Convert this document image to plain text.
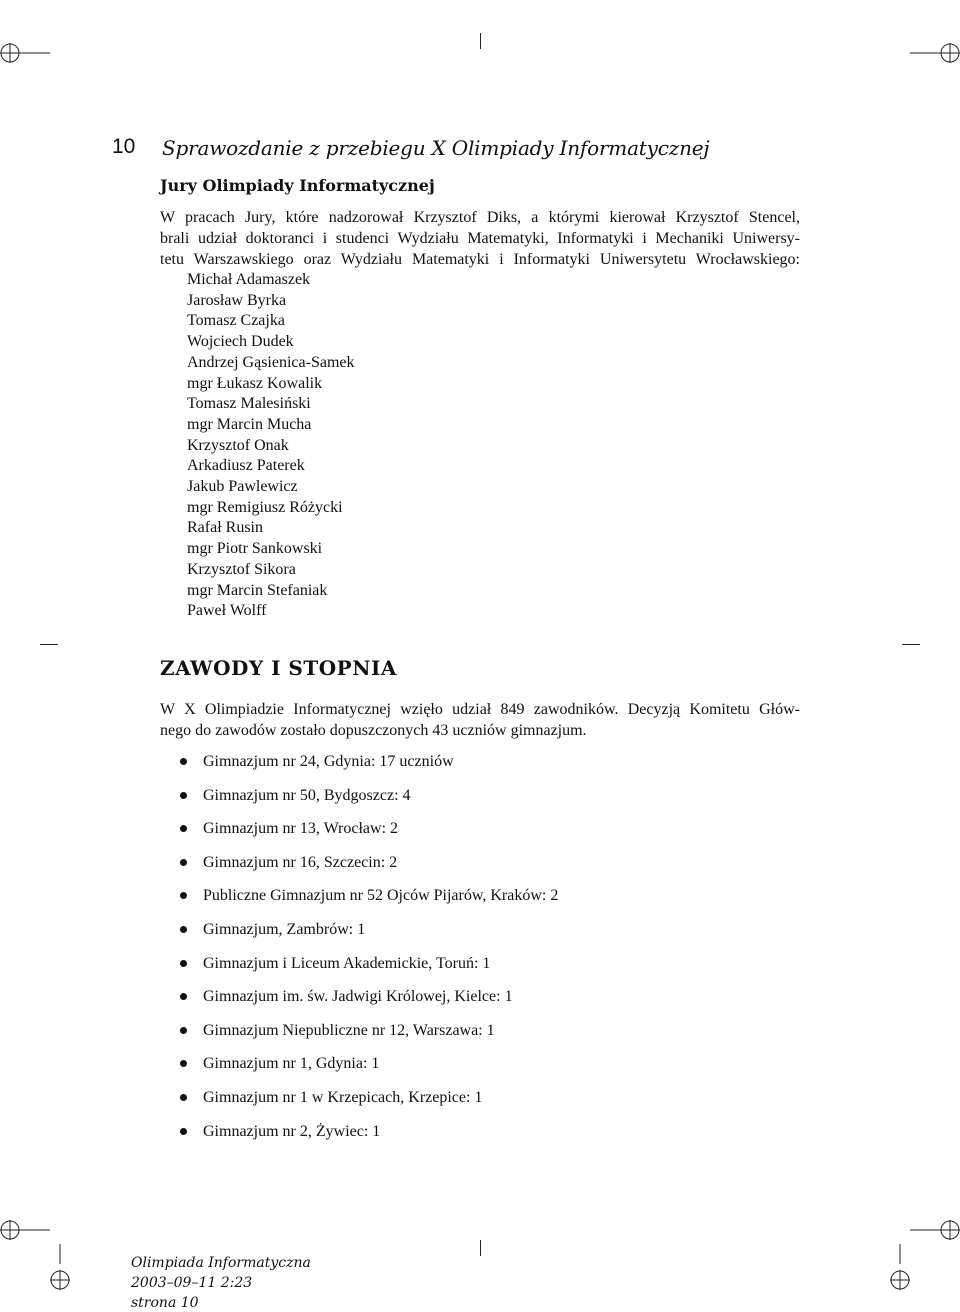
10 Sprawozdanie z przebiegu X Olimpiady Informatycznej
Jury Olimpiady Informatycznej
W pracach Jury, które nadzorował Krzysztof Diks, a którymi kierował Krzysztof Stencel,
brali udział doktoranci i studenci Wydziału Matematyki, Informatyki i Mechaniki Uniwersy-
tetu Warszawskiego oraz Wydziału Matematyki i Informatyki Uniwersytetu Wrocławskiego:
Michał Adamaszek
Jarosław Byrka
Tomasz Czajka
Wojciech Dudek
Andrzej Gąsienica-Samek
mgr Łukasz Kowalik
Tomasz Malesiński
mgr Marcin Mucha
Krzysztof Onak
Arkadiusz Paterek
Jakub Pawlewicz
mgr Remigiusz Różycki
Rafał Rusin
mgr Piotr Sankowski
Krzysztof Sikora
mgr Marcin Stefaniak
Paweł Wolff
ZAWODY I STOPNIA
W X Olimpiadzie Informatycznej wzięło udział 849 zawodników. Decyzją Komitetu Głów-
nego do zawodów zostało dopuszczonych 43 uczniów gimnazjum.
Gimnazjum nr 24, Gdynia: 17 uczniów
Gimnazjum nr 50, Bydgoszcz: 4
Gimnazjum nr 13, Wrocław: 2
Gimnazjum nr 16, Szczecin: 2
Publiczne Gimnazjum nr 52 Ojców Pijarów, Kraków: 2
Gimnazjum, Zambrów: 1
Gimnazjum i Liceum Akademickie, Toruń: 1
Gimnazjum im. św. Jadwigi Królowej, Kielce: 1
Gimnazjum Niepubliczne nr 12, Warszawa: 1
Gimnazjum nr 1, Gdynia: 1
Gimnazjum nr 1 w Krzepicach, Krzepice: 1
Gimnazjum nr 2, Żywiec: 1
Olimpiada Informatyczna
2003–09–11 2:23
strona 10
